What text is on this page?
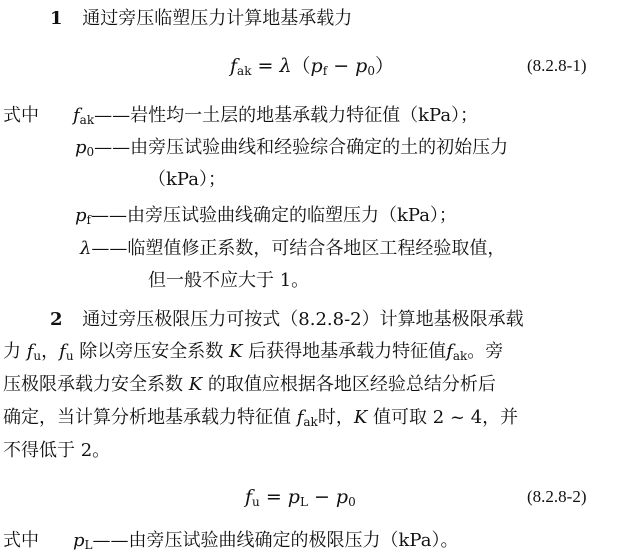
1 通过旁压临塑压力计算地基承载力
$f_{ak} = \lambda(p_f - p_0)$	(8.2.8-1)
式中 $f_{ak}——$岩性均一土层的地基承载力特征值（kPa）；
$p_0——$由旁压试验曲线和经验综合确定的土的初始压力
（kPa）；
$p_f——$由旁压试验曲线确定的临塑压力（kPa）；
λ——临塑值修正系数，可结合各地区工程经验取值，
但一般不应大于 1。
2 通过旁压极限压力可按式（8.2.8-2）计算地基极限承载
力 $f_u$，$f_u$ 除以旁压安全系数 K 后获得地基承载力特征值$f_{ak}$。旁
压极限承载力安全系数 K 的取值应根据各地区经验总结分析后
确定，当计算分析地基承载力特征值 $f_{ak}$时，K 值可取 2 ~ 4，并
不得低于 2。
$f_u = p_L - p_0$	(8.2.8-2)
式中 $p_L——$由旁压试验曲线确定的极限压力（kPa）。
